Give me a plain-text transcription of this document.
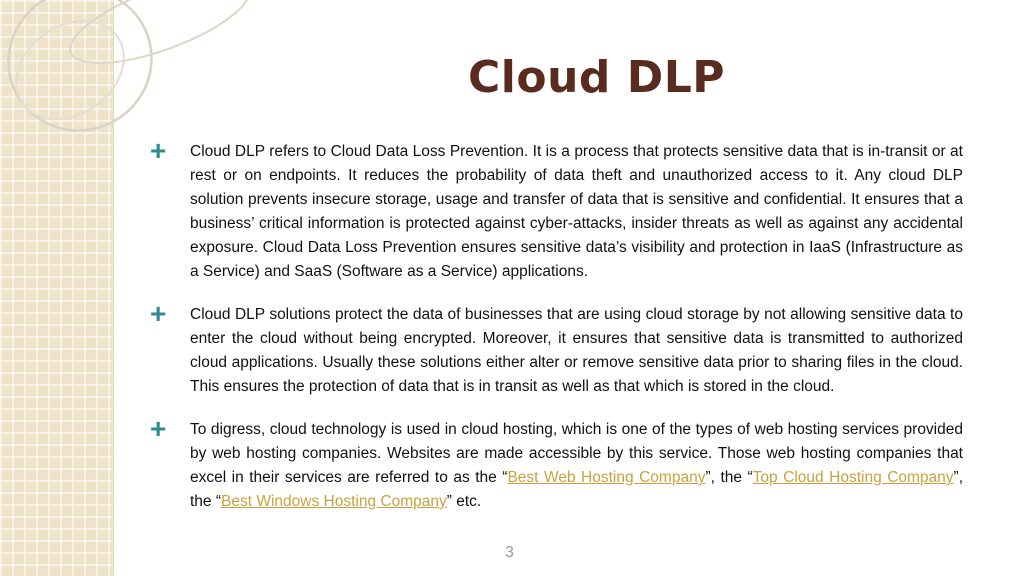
Cloud DLP
+ Cloud DLP refers to Cloud Data Loss Prevention. It is a process that protects sensitive data that is in-transit or at rest or on endpoints. It reduces the probability of data theft and unauthorized access to it. Any cloud DLP solution prevents insecure storage, usage and transfer of data that is sensitive and confidential. It ensures that a business’ critical information is protected against cyber-attacks, insider threats as well as against any accidental exposure. Cloud Data Loss Prevention ensures sensitive data’s visibility and protection in IaaS (Infrastructure as a Service) and SaaS (Software as a Service) applications.

+ Cloud DLP solutions protect the data of businesses that are using cloud storage by not allowing sensitive data to enter the cloud without being encrypted. Moreover, it ensures that sensitive data is transmitted to authorized cloud applications. Usually these solutions either alter or remove sensitive data prior to sharing files in the cloud. This ensures the protection of data that is in transit as well as that which is stored in the cloud.

+ To digress, cloud technology is used in cloud hosting, which is one of the types of web hosting services provided by web hosting companies. Websites are made accessible by this service. Those web hosting companies that excel in their services are referred to as the “Best Web Hosting Company”, the “Top Cloud Hosting Company”, the “Best Windows Hosting Company” etc.

3
